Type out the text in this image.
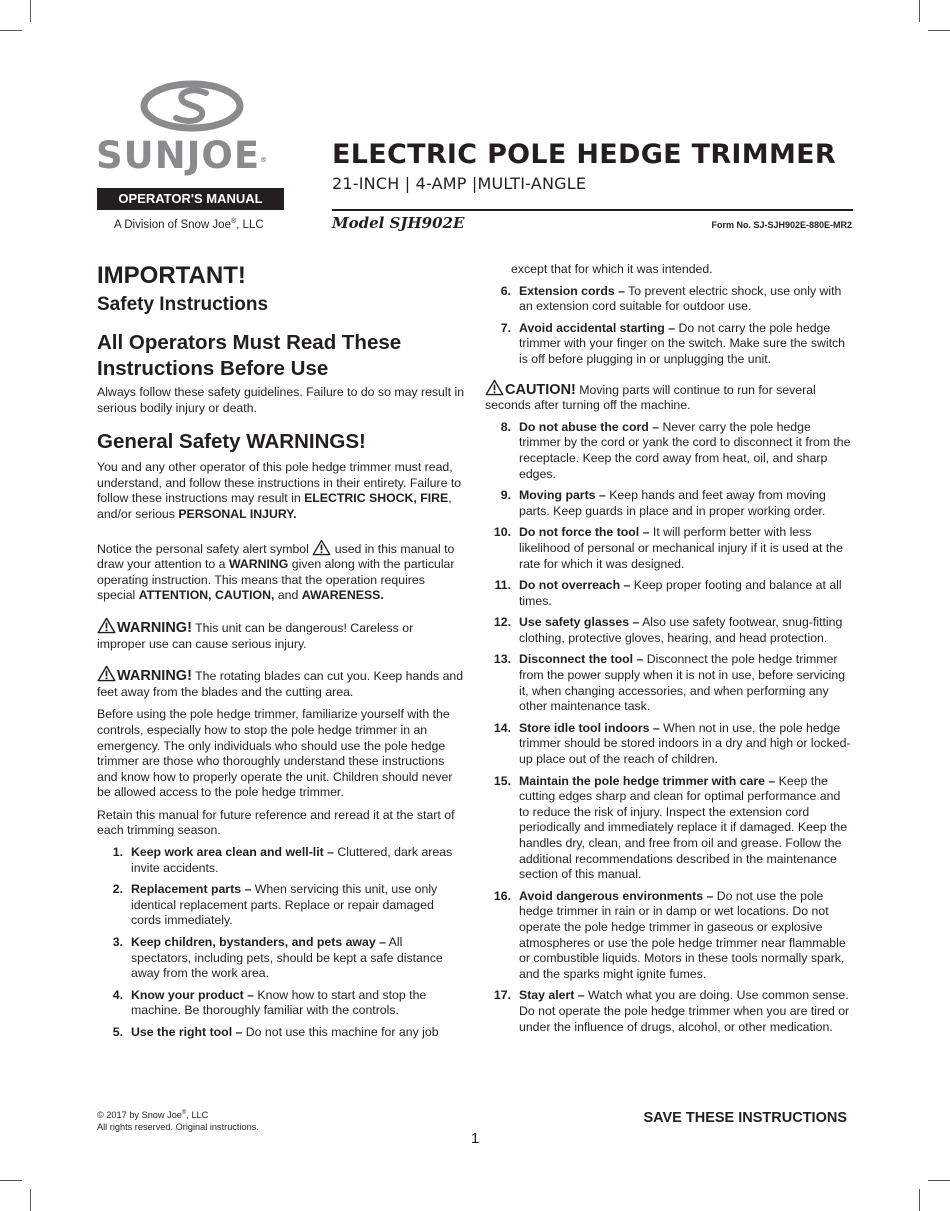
SUNJOE®
OPERATOR'S MANUAL
A Division of Snow Joe®, LLC
ELECTRIC POLE HEDGE TRIMMER
21-INCH | 4-AMP |MULTI-ANGLE
Model SJH902E	Form No. SJ-SJH902E-880E-MR2
IMPORTANT!
Safety Instructions
All Operators Must Read These
Instructions Before Use

Always follow these safety guidelines. Failure to do so may result in serious bodily injury or death.

General Safety WARNINGS!

You and any other operator of this pole hedge trimmer must read, understand, and follow these instructions in their entirety. Failure to follow these instructions may result in ELECTRIC SHOCK, FIRE, and/or serious PERSONAL INJURY.

Notice the personal safety alert symbol  used in this manual to draw your attention to a WARNING given along with the particular operating instruction. This means that the operation requires special ATTENTION, CAUTION, and AWARENESS.

WARNING! This unit can be dangerous! Careless or improper use can cause serious injury.

WARNING! The rotating blades can cut you. Keep hands and feet away from the blades and the cutting area.

Before using the pole hedge trimmer, familiarize yourself with the controls, especially how to stop the pole hedge trimmer in an emergency. The only individuals who should use the pole hedge trimmer are those who thoroughly understand these instructions and know how to properly operate the unit. Children should never be allowed access to the pole hedge trimmer.

Retain this manual for future reference and reread it at the start of each trimming season.

1. Keep work area clean and well-lit – Cluttered, dark areas invite accidents.
2. Replacement parts – When servicing this unit, use only identical replacement parts. Replace or repair damaged cords immediately.
3. Keep children, bystanders, and pets away – All spectators, including pets, should be kept a safe distance away from the work area.
4. Know your product – Know how to start and stop the machine. Be thoroughly familiar with the controls.
5. Use the right tool – Do not use this machine for any job

except that for which it was intended.

6. Extension cords – To prevent electric shock, use only with an extension cord suitable for outdoor use.
7. Avoid accidental starting – Do not carry the pole hedge trimmer with your finger on the switch. Make sure the switch is off before plugging in or unplugging the unit.

CAUTION! Moving parts will continue to run for several seconds after turning off the machine.

8. Do not abuse the cord – Never carry the pole hedge trimmer by the cord or yank the cord to disconnect it from the receptacle. Keep the cord away from heat, oil, and sharp edges.
9. Moving parts – Keep hands and feet away from moving parts. Keep guards in place and in proper working order.
10. Do not force the tool – It will perform better with less likelihood of personal or mechanical injury if it is used at the rate for which it was designed.
11. Do not overreach – Keep proper footing and balance at all times.
12. Use safety glasses – Also use safety footwear, snug-fitting clothing, protective gloves, hearing, and head protection.
13. Disconnect the tool – Disconnect the pole hedge trimmer from the power supply when it is not in use, before servicing it, when changing accessories, and when performing any other maintenance task.
14. Store idle tool indoors – When not in use, the pole hedge trimmer should be stored indoors in a dry and high or locked-up place out of the reach of children.
15. Maintain the pole hedge trimmer with care – Keep the cutting edges sharp and clean for optimal performance and to reduce the risk of injury. Inspect the extension cord periodically and immediately replace it if damaged. Keep the handles dry, clean, and free from oil and grease. Follow the additional recommendations described in the maintenance section of this manual.
16. Avoid dangerous environments – Do not use the pole hedge trimmer in rain or in damp or wet locations. Do not operate the pole hedge trimmer in gaseous or explosive atmospheres or use the pole hedge trimmer near flammable or combustible liquids. Motors in these tools normally spark, and the sparks might ignite fumes.
17. Stay alert – Watch what you are doing. Use common sense. Do not operate the pole hedge trimmer when you are tired or under the influence of drugs, alcohol, or other medication.
© 2017 by Snow Joe®, LLC
All rights reserved. Original instructions.
SAVE THESE INSTRUCTIONS
1
